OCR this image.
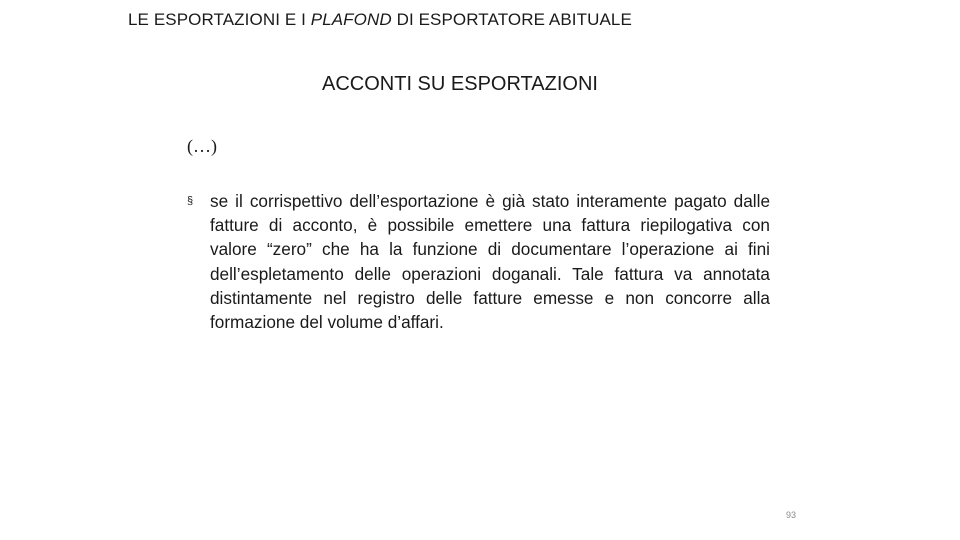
LE ESPORTAZIONI E I PLAFOND DI ESPORTATORE ABITUALE
ACCONTI SU ESPORTAZIONI
(…)
§ se il corrispettivo dell’esportazione è già stato interamente pagato dalle fatture di acconto, è possibile emettere una fattura riepilogativa con valore “zero” che ha la funzione di documentare l’operazione ai fini dell’espletamento delle operazioni doganali. Tale fattura va annotata distintamente nel registro delle fatture emesse e non concorre alla formazione del volume d’affari.
93
